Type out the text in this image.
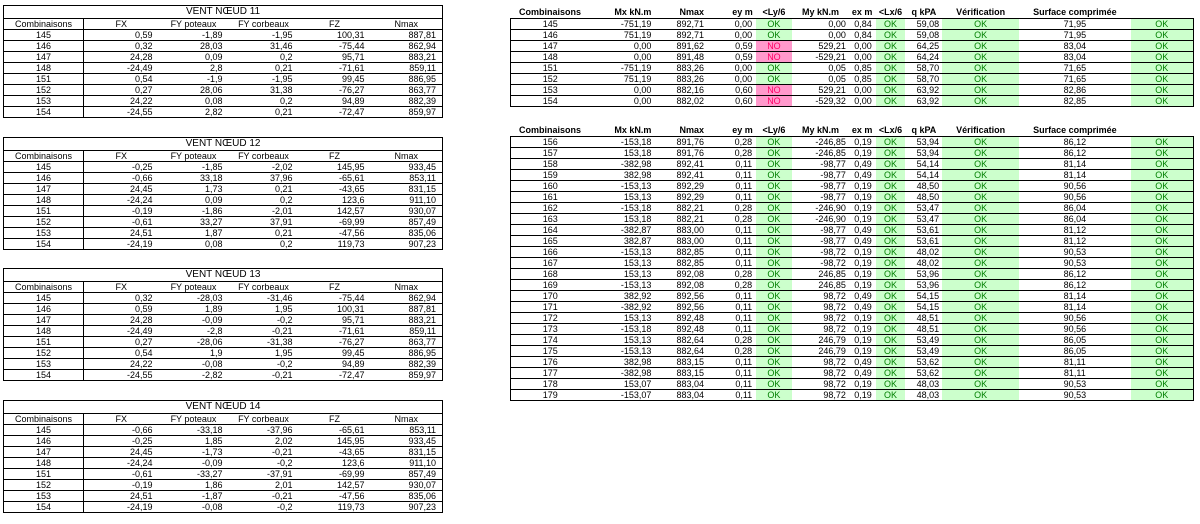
VENT NŒUD 11					
Combinaisons	FX	FY poteaux	FY corbeaux	FZ	Nmax
145	0,59	-1,89	-1,95	100,31	887,81
146	0,32	28,03	31,46	-75,44	862,94
147	24,28	0,09	0,2	95,71	883,21
148	-24,49	2,8	0,21	-71,61	859,11
151	0,54	-1,9	-1,95	99,45	886,95
152	0,27	28,06	31,38	-76,27	863,77
153	24,22	0,08	0,2	94,89	882,39
154	-24,55	2,82	0,21	-72,47	859,97
VENT NŒUD 12					
Combinaisons	FX	FY poteaux	FY corbeaux	FZ	Nmax
145	-0,25	-1,85	-2,02	145,95	933,45
146	-0,66	33,18	37,96	-65,61	853,11
147	24,45	1,73	0,21	-43,65	831,15
148	-24,24	0,09	0,2	123,6	911,10
151	-0,19	-1,86	-2,01	142,57	930,07
152	-0,61	33,27	37,91	-69,99	857,49
153	24,51	1,87	0,21	-47,56	835,06
154	-24,19	0,08	0,2	119,73	907,23
VENT NŒUD 13					
Combinaisons	FX	FY poteaux	FY corbeaux	FZ	Nmax
145	0,32	-28,03	-31,46	-75,44	862,94
146	0,59	1,89	1,95	100,31	887,81
147	24,28	-0,09	-0,2	95,71	883,21
148	-24,49	-2,8	-0,21	-71,61	859,11
151	0,27	-28,06	-31,38	-76,27	863,77
152	0,54	1,9	1,95	99,45	886,95
153	24,22	-0,08	-0,2	94,89	882,39
154	-24,55	-2,82	-0,21	-72,47	859,97
VENT NŒUD 14					
Combinaisons	FX	FY poteaux	FY corbeaux	FZ	Nmax
145	-0,66	-33,18	-37,96	-65,61	853,11
146	-0,25	1,85	2,02	145,95	933,45
147	24,45	-1,73	-0,21	-43,65	831,15
148	-24,24	-0,09	-0,2	123,6	911,10
151	-0,61	-33,27	-37,91	-69,99	857,49
152	-0,19	1,86	2,01	142,57	930,07
153	24,51	-1,87	-0,21	-47,56	835,06
154	-24,19	-0,08	-0,2	119,73	907,23
Combinaisons	Mx kN.m	Nmax	ey m	<Ly/6	My kN.m	ex m	<Lx/6	q kPA	Vérification	Surface comprimée	
145	-751,19	892,71	0,00	OK	0,00	0,84	OK	59,08	OK	71,95	OK
146	751,19	892,71	0,00	OK	0,00	0,84	OK	59,08	OK	71,95	OK
147	0,00	891,62	0,59	NO	529,21	0,00	OK	64,25	OK	83,04	OK
148	0,00	891,48	0,59	NO	-529,21	0,00	OK	64,24	OK	83,04	OK
151	-751,19	883,26	0,00	OK	0,05	0,85	OK	58,70	OK	71,65	OK
152	751,19	883,26	0,00	OK	0,05	0,85	OK	58,70	OK	71,65	OK
153	0,00	882,16	0,60	NO	529,21	0,00	OK	63,92	OK	82,86	OK
154	0,00	882,02	0,60	NO	-529,32	0,00	OK	63,92	OK	82,85	OK
Combinaisons	Mx kN.m	Nmax	ey m	<Ly/6	My kN.m	ex m	<Lx/6	q kPA	Vérification	Surface comprimée	
156	-153,18	891,76	0,28	OK	-246,85	0,19	OK	53,94	OK	86,12	OK
157	153,18	891,76	0,28	OK	-246,85	0,19	OK	53,94	OK	86,12	OK
158	-382,98	892,41	0,11	OK	-98,77	0,49	OK	54,14	OK	81,14	OK
159	382,98	892,41	0,11	OK	-98,77	0,49	OK	54,14	OK	81,14	OK
160	-153,13	892,29	0,11	OK	-98,77	0,19	OK	48,50	OK	90,56	OK
161	153,13	892,29	0,11	OK	-98,77	0,19	OK	48,50	OK	90,56	OK
162	-153,18	882,21	0,28	OK	-246,90	0,19	OK	53,47	OK	86,04	OK
163	153,18	882,21	0,28	OK	-246,90	0,19	OK	53,47	OK	86,04	OK
164	-382,87	883,00	0,11	OK	-98,77	0,49	OK	53,61	OK	81,12	OK
165	382,87	883,00	0,11	OK	-98,77	0,49	OK	53,61	OK	81,12	OK
166	-153,13	882,85	0,11	OK	-98,72	0,19	OK	48,02	OK	90,53	OK
167	153,13	882,85	0,11	OK	-98,72	0,19	OK	48,02	OK	90,53	OK
168	153,13	892,08	0,28	OK	246,85	0,19	OK	53,96	OK	86,12	OK
169	-153,13	892,08	0,28	OK	246,85	0,19	OK	53,96	OK	86,12	OK
170	382,92	892,56	0,11	OK	98,72	0,49	OK	54,15	OK	81,14	OK
171	-382,92	892,56	0,11	OK	98,72	0,49	OK	54,15	OK	81,14	OK
172	153,13	892,48	0,11	OK	98,72	0,19	OK	48,51	OK	90,56	OK
173	-153,18	892,48	0,11	OK	98,72	0,19	OK	48,51	OK	90,56	OK
174	153,13	882,64	0,28	OK	246,79	0,19	OK	53,49	OK	86,05	OK
175	-153,13	882,64	0,28	OK	246,79	0,19	OK	53,49	OK	86,05	OK
176	382,98	883,15	0,11	OK	98,72	0,49	OK	53,62	OK	81,11	OK
177	-382,98	883,15	0,11	OK	98,72	0,49	OK	53,62	OK	81,11	OK
178	153,07	883,04	0,11	OK	98,72	0,19	OK	48,03	OK	90,53	OK
179	-153,07	883,04	0,11	OK	98,72	0,19	OK	48,03	OK	90,53	OK
